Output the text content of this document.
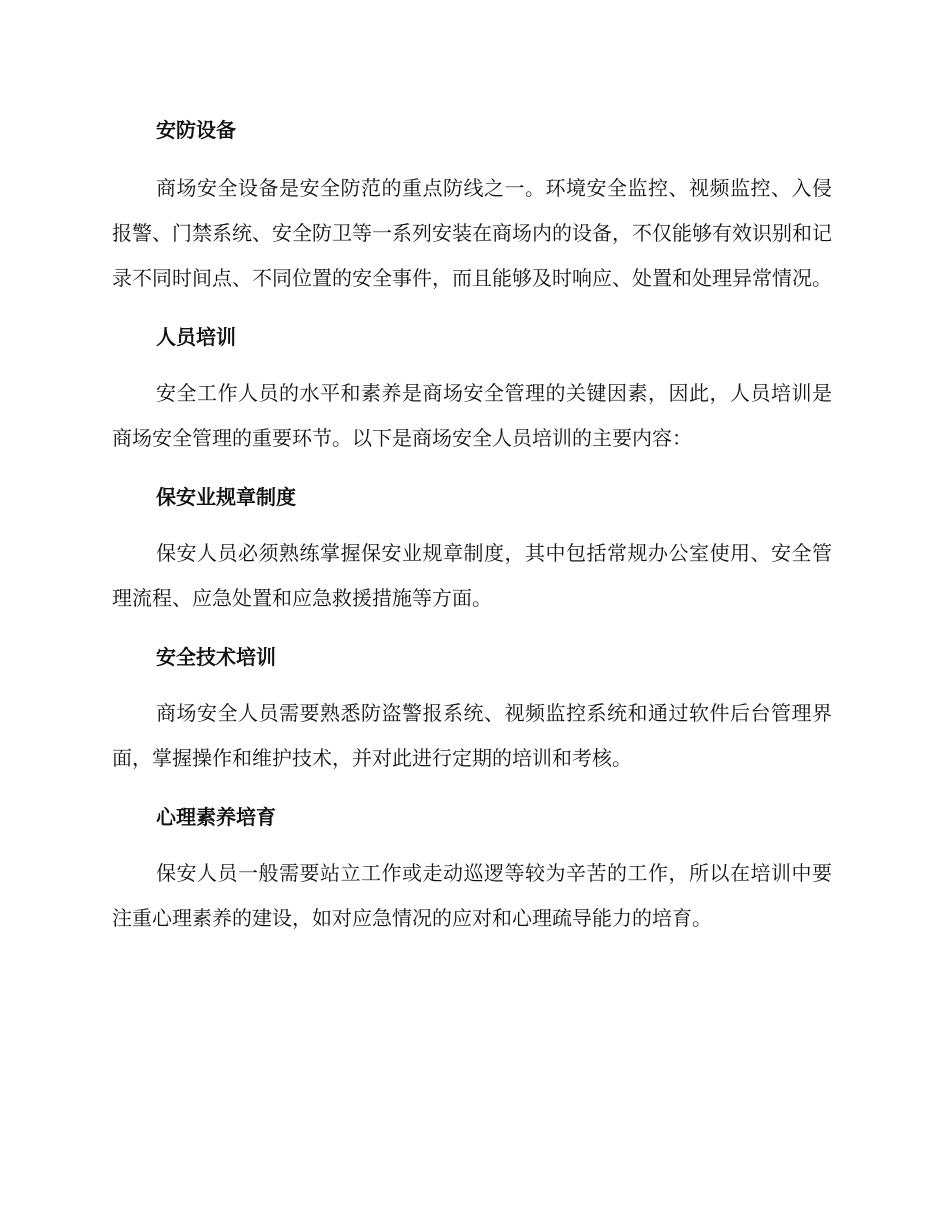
安防设备

商场安全设备是安全防范的重点防线之一。环境安全监控、视频监控、入侵报警、门禁系统、安全防卫等一系列安装在商场内的设备，不仅能够有效识别和记录不同时间点、不同位置的安全事件，而且能够及时响应、处置和处理异常情况。

人员培训

安全工作人员的水平和素养是商场安全管理的关键因素，因此，人员培训是商场安全管理的重要环节。以下是商场安全人员培训的主要内容：

保安业规章制度

保安人员必须熟练掌握保安业规章制度，其中包括常规办公室使用、安全管理流程、应急处置和应急救援措施等方面。

安全技术培训

商场安全人员需要熟悉防盗警报系统、视频监控系统和通过软件后台管理界面，掌握操作和维护技术，并对此进行定期的培训和考核。

心理素养培育

保安人员一般需要站立工作或走动巡逻等较为辛苦的工作，所以在培训中要注重心理素养的建设，如对应急情况的应对和心理疏导能力的培育。
